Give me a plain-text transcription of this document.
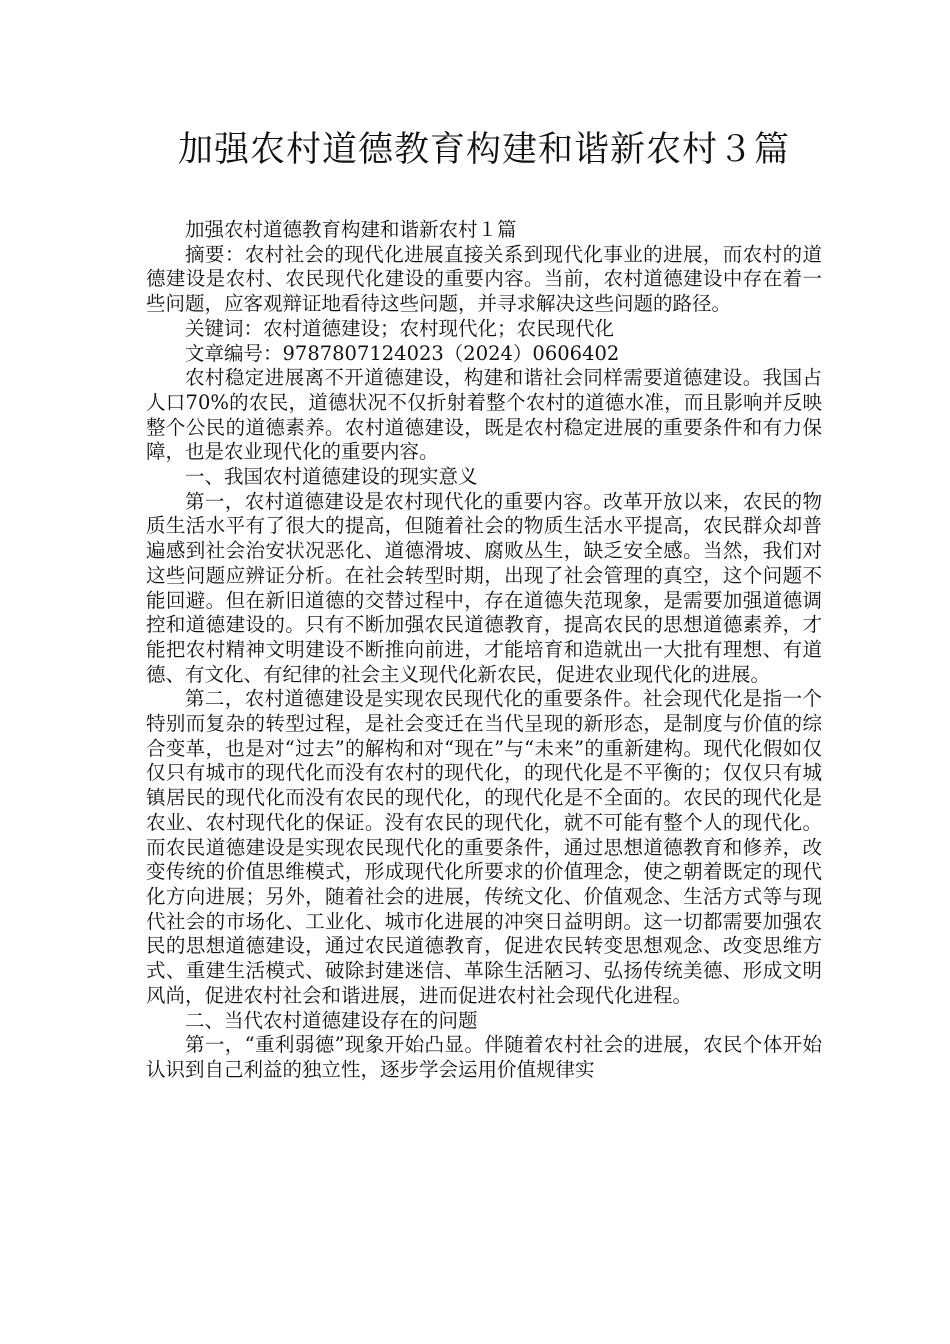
加强农村道德教育构建和谐新农村３篇

加强农村道德教育构建和谐新农村１篇

摘要：农村社会的现代化进展直接关系到现代化事业的进展，而农村的道德建设是农村、农民现代化建设的重要内容。当前，农村道德建设中存在着一些问题，应客观辩证地看待这些问题，并寻求解决这些问题的路径。

关键词：农村道德建设；农村现代化；农民现代化

文章编号：9787807124023（2024）0606402

农村稳定进展离不开道德建设，构建和谐社会同样需要道德建设。我国占人口70%的农民，道德状况不仅折射着整个农村的道德水准，而且影响并反映整个公民的道德素养。农村道德建设，既是农村稳定进展的重要条件和有力保障，也是农业现代化的重要内容。

一、我国农村道德建设的现实意义

第一，农村道德建设是农村现代化的重要内容。改革开放以来，农民的物质生活水平有了很大的提高，但随着社会的物质生活水平提高，农民群众却普遍感到社会治安状况恶化、道德滑坡、腐败丛生，缺乏安全感。当然，我们对这些问题应辨证分析。在社会转型时期，出现了社会管理的真空，这个问题不能回避。但在新旧道德的交替过程中，存在道德失范现象，是需要加强道德调控和道德建设的。只有不断加强农民道德教育，提高农民的思想道德素养，才能把农村精神文明建设不断推向前进，才能培育和造就出一大批有理想、有道德、有文化、有纪律的社会主义现代化新农民，促进农业现代化的进展。

第二，农村道德建设是实现农民现代化的重要条件。社会现代化是指一个特别而复杂的转型过程，是社会变迁在当代呈现的新形态，是制度与价值的综合变革，也是对“过去”的解构和对“现在”与“未来”的重新建构。现代化假如仅仅只有城市的现代化而没有农村的现代化，的现代化是不平衡的；仅仅只有城镇居民的现代化而没有农民的现代化，的现代化是不全面的。农民的现代化是农业、农村现代化的保证。没有农民的现代化，就不可能有整个人的现代化。而农民道德建设是实现农民现代化的重要条件，通过思想道德教育和修养，改变传统的价值思维模式，形成现代化所要求的价值理念，使之朝着既定的现代化方向进展；另外，随着社会的进展，传统文化、价值观念、生活方式等与现代社会的市场化、工业化、城市化进展的冲突日益明朗。这一切都需要加强农民的思想道德建设，通过农民道德教育，促进农民转变思想观念、改变思维方式、重建生活模式、破除封建迷信、革除生活陋习、弘扬传统美德、形成文明风尚，促进农村社会和谐进展，进而促进农村社会现代化进程。

二、当代农村道德建设存在的问题

第一，“重利弱德”现象开始凸显。伴随着农村社会的进展，农民个体开始认识到自己利益的独立性，逐步学会运用价值规律实
